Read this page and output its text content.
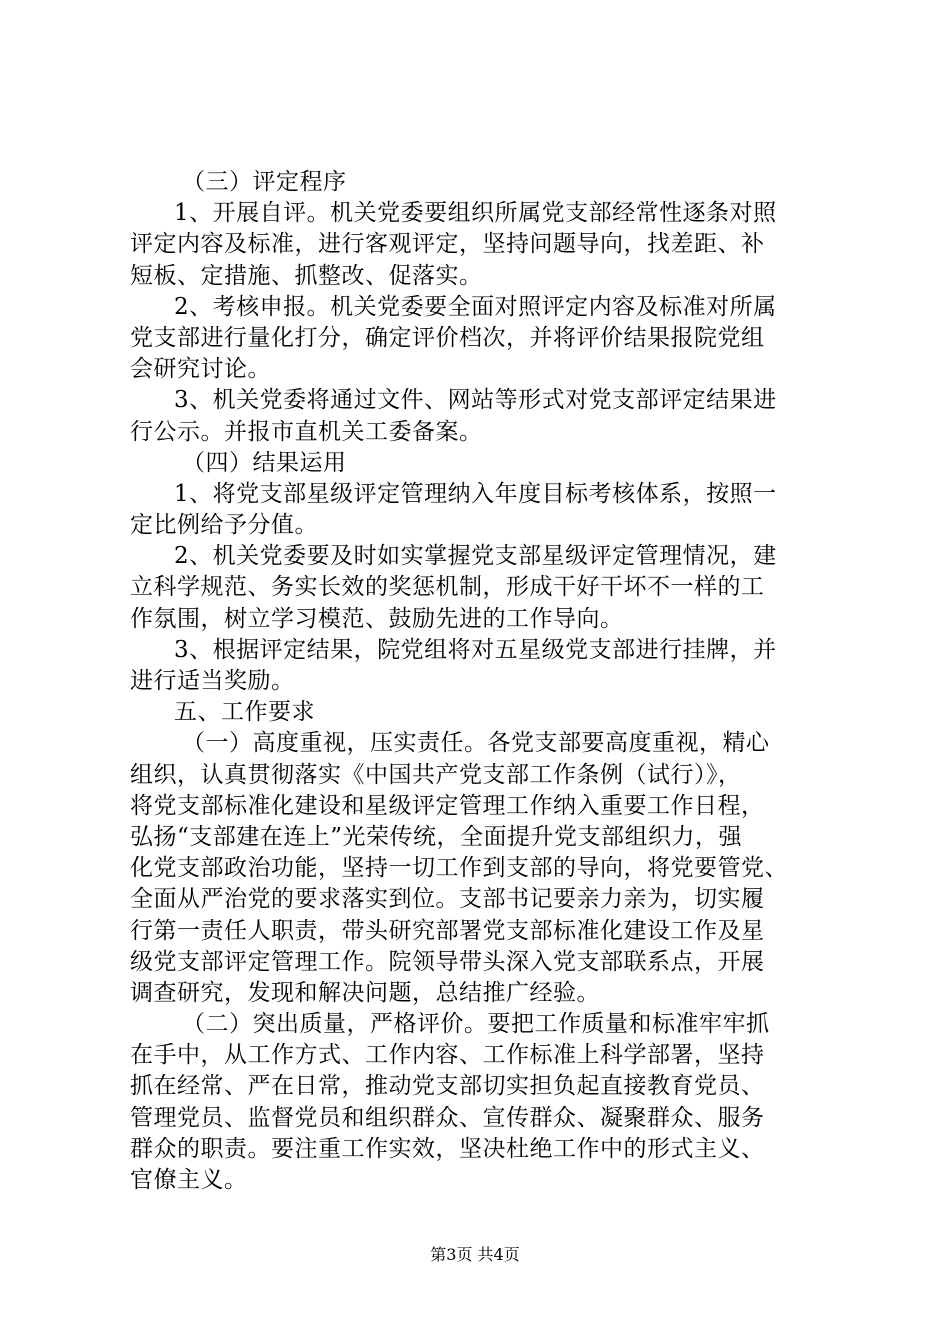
（三）评定程序
1、开展自评。机关党委要组织所属党支部经常性逐条对照
评定内容及标准，进行客观评定，坚持问题导向，找差距、补
短板、定措施、抓整改、促落实。
2、考核申报。机关党委要全面对照评定内容及标准对所属
党支部进行量化打分，确定评价档次，并将评价结果报院党组
会研究讨论。
3、机关党委将通过文件、网站等形式对党支部评定结果进
行公示。并报市直机关工委备案。
（四）结果运用
1、将党支部星级评定管理纳入年度目标考核体系，按照一
定比例给予分值。
2、机关党委要及时如实掌握党支部星级评定管理情况，建
立科学规范、务实长效的奖惩机制，形成干好干坏不一样的工
作氛围，树立学习模范、鼓励先进的工作导向。
3、根据评定结果，院党组将对五星级党支部进行挂牌，并
进行适当奖励。
五、工作要求
（一）高度重视，压实责任。各党支部要高度重视，精心
组织，认真贯彻落实《中国共产党支部工作条例（试行）》，
将党支部标准化建设和星级评定管理工作纳入重要工作日程，
弘扬“支部建在连上”光荣传统，全面提升党支部组织力，强
化党支部政治功能，坚持一切工作到支部的导向，将党要管党、
全面从严治党的要求落实到位。支部书记要亲力亲为，切实履
行第一责任人职责，带头研究部署党支部标准化建设工作及星
级党支部评定管理工作。院领导带头深入党支部联系点，开展
调查研究，发现和解决问题，总结推广经验。
（二）突出质量，严格评价。要把工作质量和标准牢牢抓
在手中，从工作方式、工作内容、工作标准上科学部署，坚持
抓在经常、严在日常，推动党支部切实担负起直接教育党员、
管理党员、监督党员和组织群众、宣传群众、凝聚群众、服务
群众的职责。要注重工作实效，坚决杜绝工作中的形式主义、
官僚主义。
第3页 共4页
